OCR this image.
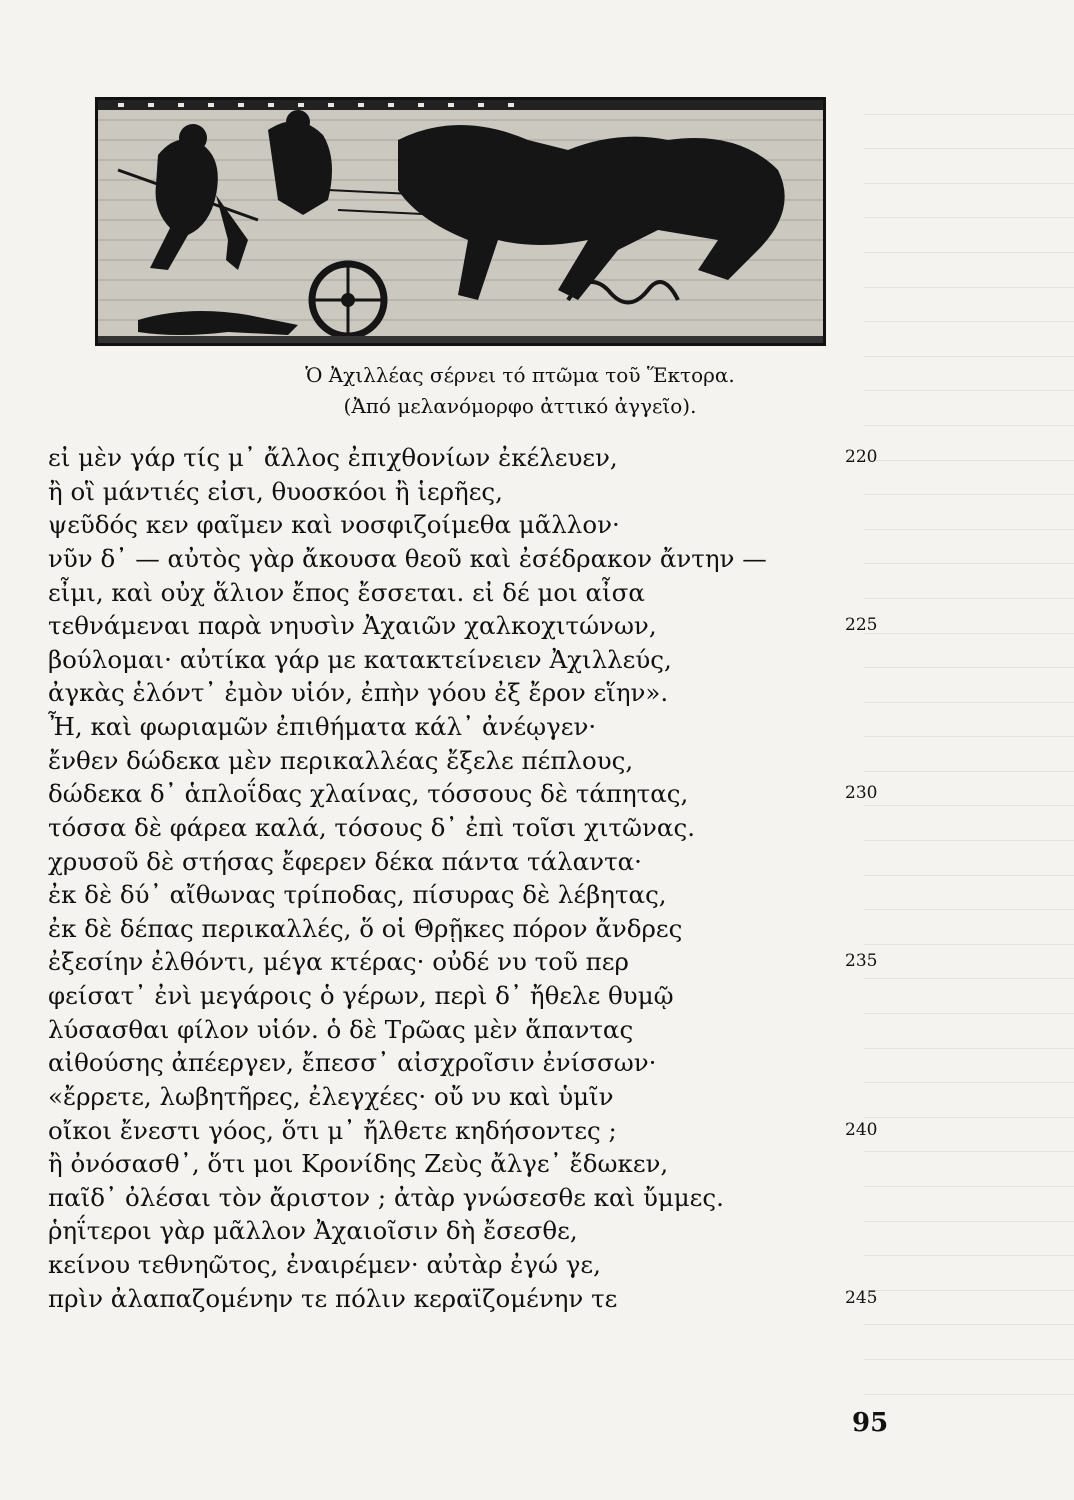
Ὁ Ἀχιλλέας σέρνει τό πτῶμα τοῦ Ἕκτορα.
(Ἀπό μελανόμορφο ἀττικό ἀγγεῖο).
εἰ μὲν γάρ τίς μ᾽ ἄλλος ἐπιχθονίων ἐκέλευεν,	220
ἢ οἳ μάντιές εἰσι, θυοσκόοι ἢ ἱερῆες,
ψεῦδός κεν φαῖμεν καὶ νοσφιζοίμεθα μᾶλλον·
νῦν δ᾽ — αὐτὸς γὰρ ἄκουσα θεοῦ καὶ ἐσέδρακον ἄντην —
εἶμι, καὶ οὐχ ἅλιον ἔπος ἔσσεται. εἰ δέ μοι αἶσα
τεθνάμεναι παρὰ νηυσὶν Ἀχαιῶν χαλκοχιτώνων,	225
βούλομαι· αὐτίκα γάρ με κατακτείνειεν Ἀχιλλεύς,
ἀγκὰς ἑλόντ᾽ ἐμὸν υἱόν, ἐπὴν γόου ἐξ ἔρον εἵην».
Ἦ, καὶ φωριαμῶν ἐπιθήματα κάλ᾽ ἀνέῳγεν·
ἔνθεν δώδεκα μὲν περικαλλέας ἔξελε πέπλους,
δώδεκα δ᾽ ἁπλοΐδας χλαίνας, τόσσους δὲ τάπητας,	230
τόσσα δὲ φάρεα καλά, τόσους δ᾽ ἐπὶ τοῖσι χιτῶνας.
χρυσοῦ δὲ στήσας ἔφερεν δέκα πάντα τάλαντα·
ἐκ δὲ δύ᾽ αἴθωνας τρίποδας, πίσυρας δὲ λέβητας,
ἐκ δὲ δέπας περικαλλές, ὅ οἱ Θρῇκες πόρον ἄνδρες
ἐξεσίην ἐλθόντι, μέγα κτέρας· οὐδέ νυ τοῦ περ	235
φείσατ᾽ ἐνὶ μεγάροις ὁ γέρων, περὶ δ᾽ ἤθελε θυμῷ
λύσασθαι φίλον υἱόν. ὁ δὲ Τρῶας μὲν ἅπαντας
αἰθούσης ἀπέεργεν, ἔπεσσ᾽ αἰσχροῖσιν ἐνίσσων·
«ἔρρετε, λωβητῆρες, ἐλεγχέες· οὔ νυ καὶ ὑμῖν
οἴκοι ἔνεστι γόος, ὅτι μ᾽ ἤλθετε κηδήσοντες ;	240
ἢ ὀνόσασθ᾽, ὅτι μοι Κρονίδης Ζεὺς ἄλγε᾽ ἔδωκεν,
παῖδ᾽ ὀλέσαι τὸν ἄριστον ; ἀτὰρ γνώσεσθε καὶ ὔμμες.
ῥηΐτεροι γὰρ μᾶλλον Ἀχαιοῖσιν δὴ ἔσεσθε,
κείνου τεθνηῶτος, ἐναιρέμεν· αὐτὰρ ἐγώ γε,
πρὶν ἀλαπαζομένην τε πόλιν κεραϊζομένην τε	245
95
